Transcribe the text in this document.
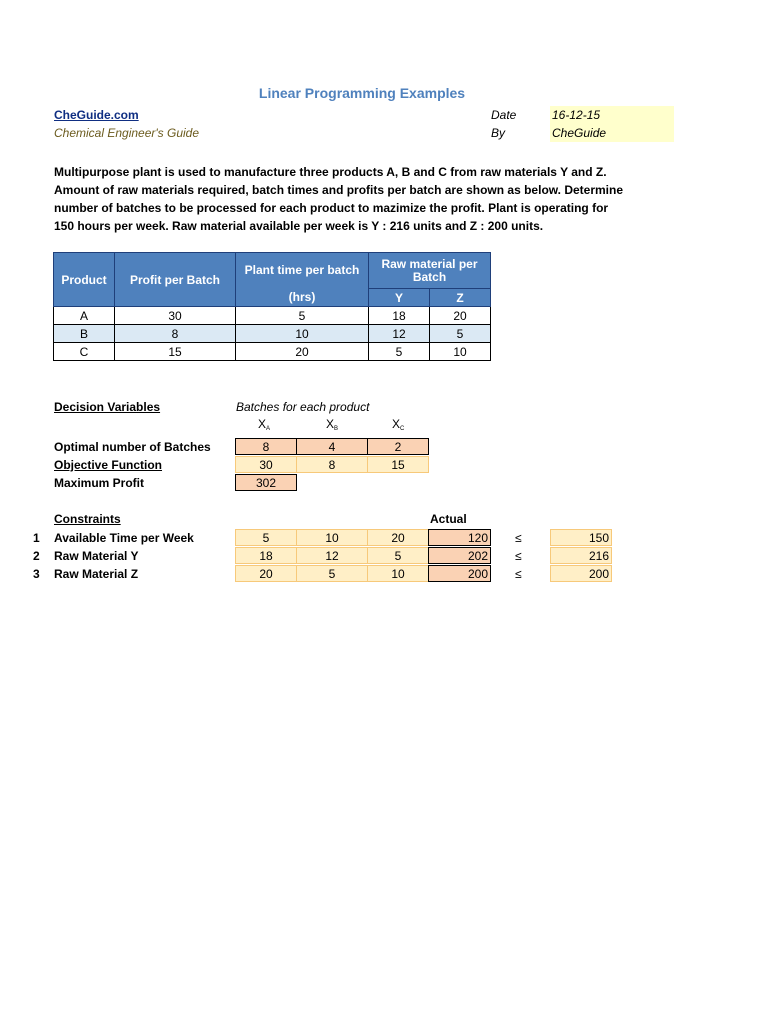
Linear Programming Examples
CheGuide.com
Chemical Engineer's Guide
Date	16-12-15
By	CheGuide
Multipurpose plant is used to manufacture three products A, B and C from raw materials Y and Z.
Amount of raw materials required, batch times and profits per batch are shown as below. Determine
number of batches to be processed for each product to mazimize the profit. Plant is operating for
150 hours per week. Raw material available per week is Y : 216 units and Z : 200 units.
Product	Profit per Batch	Plant time per batch	Raw material per Batch	
		(hrs)	Y	Z
A	30	5	18	20
B	8	10	12	5
C	15	20	5	10
Decision Variables	Batches for each product
$X_A$	$X_B$	$X_C$
Optimal number of Batches	8	4	2
Objective Function	30	8	15
Maximum Profit	302
Constraints	Actual
1 Available Time per Week	5	10	20	120 ≤	150
2 Raw Material Y	18	12	5	202 ≤	216
3 Raw Material Z	20	5	10	200 ≤	200
